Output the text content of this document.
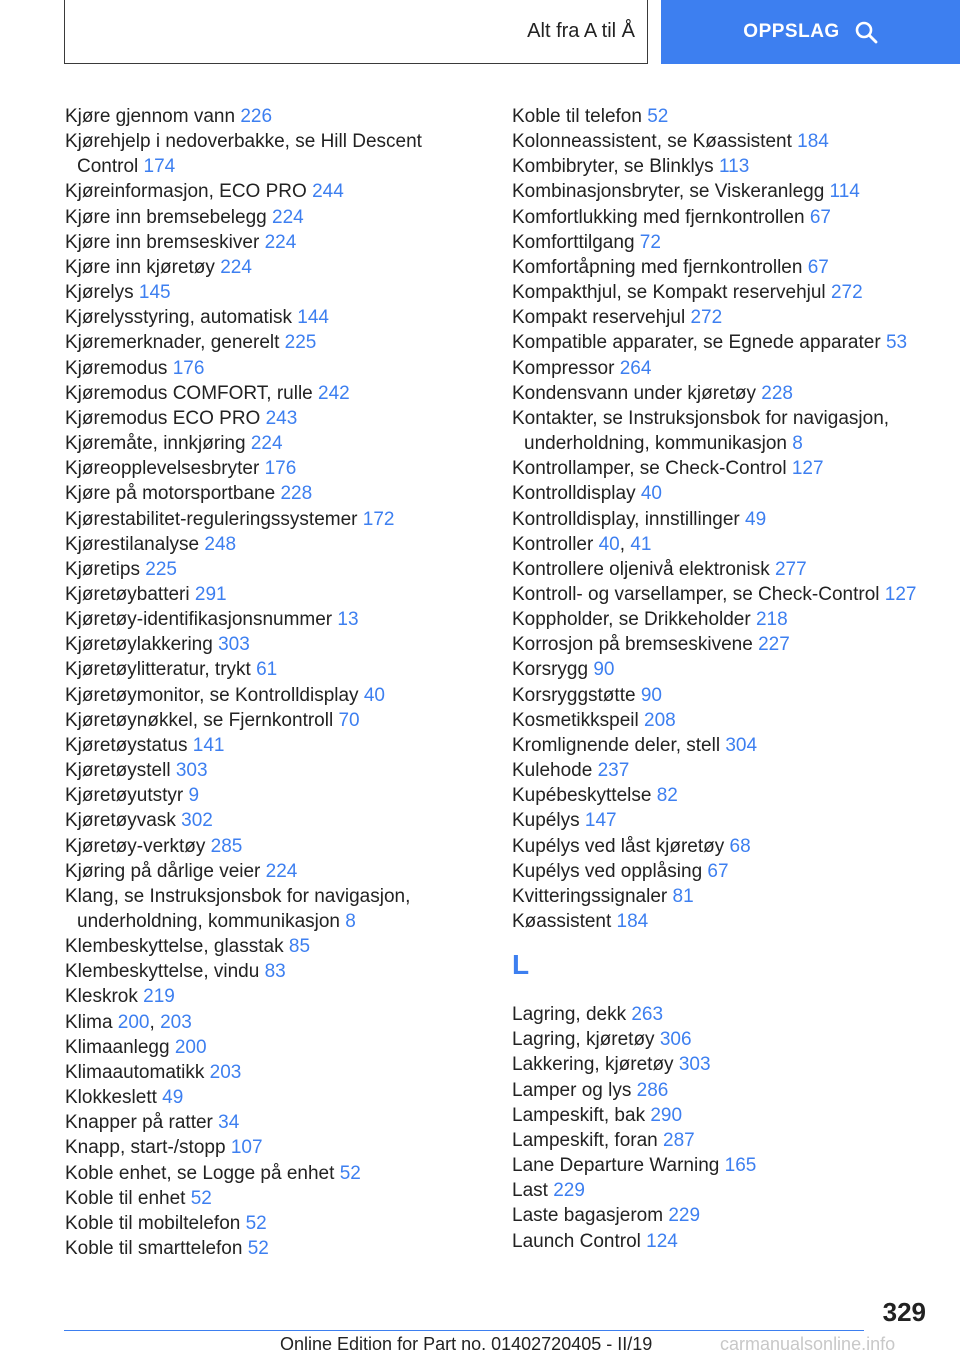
Alt fra A til Å	OPPSLAG

Kjøre gjennom vann 226

Kjørehjelp i nedoverbakke, se Hill Descent Control 174

Kjøreinformasjon, ECO PRO 244

Kjøre inn bremsebelegg 224

Kjøre inn bremseskiver 224

Kjøre inn kjøretøy 224

Kjørelys 145

Kjørelysstyring, automatisk 144

Kjøremerknader, generelt 225

Kjøremodus 176

Kjøremodus COMFORT, rulle 242

Kjøremodus ECO PRO 243

Kjøremåte, innkjøring 224

Kjøreopplevelsesbryter 176

Kjøre på motorsportbane 228

Kjørestabilitet-reguleringssystemer 172

Kjørestilanalyse 248

Kjøretips 225

Kjøretøybatteri 291

Kjøretøy-identifikasjonsnummer 13

Kjøretøylakkering 303

Kjøretøylitteratur, trykt 61

Kjøretøymonitor, se Kontrolldisplay 40

Kjøretøynøkkel, se Fjernkontroll 70

Kjøretøystatus 141

Kjøretøystell 303

Kjøretøyutstyr 9

Kjøretøyvask 302

Kjøretøy-verktøy 285

Kjøring på dårlige veier 224

Klang, se Instruksjonsbok for navigasjon, underholdning, kommunikasjon 8

Klembeskyttelse, glasstak 85

Klembeskyttelse, vindu 83

Kleskrok 219

Klima 200, 203

Klimaanlegg 200

Klimaautomatikk 203

Klokkeslett 49

Knapper på ratter 34

Knapp, start-/stopp 107

Koble enhet, se Logge på enhet 52

Koble til enhet 52

Koble til mobiltelefon 52

Koble til smarttelefon 52

Koble til telefon 52

Kolonneassistent, se Køassistent 184

Kombibryter, se Blinklys 113

Kombinasjonsbryter, se Viskeranlegg 114

Komfortlukking med fjernkontrollen 67

Komforttilgang 72

Komfortåpning med fjernkontrollen 67

Kompakthjul, se Kompakt reservehjul 272

Kompakt reservehjul 272

Kompatible apparater, se Egnede apparater 53

Kompressor 264

Kondensvann under kjøretøy 228

Kontakter, se Instruksjonsbok for navigasjon, underholdning, kommunikasjon 8

Kontrollamper, se Check-Control 127

Kontrolldisplay 40

Kontrolldisplay, innstillinger 49

Kontroller 40, 41

Kontrollere oljenivå elektronisk 277

Kontroll- og varsellamper, se Check-Control 127

Koppholder, se Drikkeholder 218

Korrosjon på bremseskivene 227

Korsrygg 90

Korsryggstøtte 90

Kosmetikkspeil 208

Kromlignende deler, stell 304

Kulehode 237

Kupébeskyttelse 82

Kupélys 147

Kupélys ved låst kjøretøy 68

Kupélys ved opplåsing 67

Kvitteringssignaler 81

Køassistent 184

L

Lagring, dekk 263

Lagring, kjøretøy 306

Lakkering, kjøretøy 303

Lamper og lys 286

Lampeskift, bak 290

Lampeskift, foran 287

Lane Departure Warning 165

Last 229

Laste bagasjerom 229

Launch Control 124

329
Online Edition for Part no. 01402720405 - II/19	carmanualsonline.info
